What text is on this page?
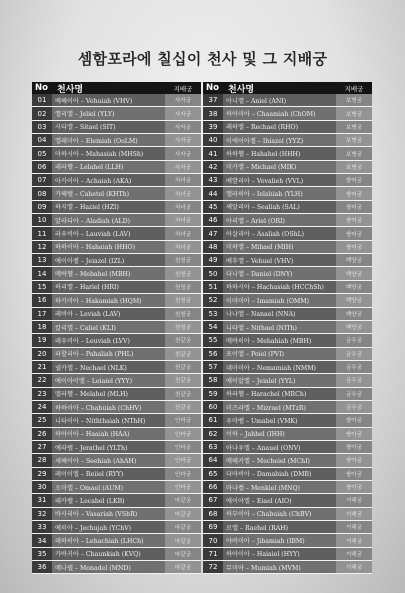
셈함포라에 칠십이 천사 및 그 지배궁
No	천사명	지배궁
01	베헤이아 – Vehuiah (VHV)	사자궁
02	옐리엘 – Jeliel (YLY)	사자궁
03	시타엘 – Sitael (SIT)	사자궁
04	엘레미아 – Elemiah (OoLM)	사자궁
05	마하시아 – Mahasiah (MHSh)	사자궁
06	레라헬 – Lelahel (LLH)	사자궁
07	아카이아 – Achaiah (AKA)	처녀궁
08	카헤텔 – Cahetel (KHTh)	처녀궁
09	하지엘 – Haziel (HZI)	처녀궁
10	알라디아 – Aladiah (ALD)	처녀궁
11	라우비아 – Lauviah (LAV)	처녀궁
12	하하이아 – Hahaiah (HHO)	처녀궁
13	예이아젤 – Jeiazel (IZL)	천칭궁
14	메바헬 – Mebahel (MBH)	천칭궁
15	하리엘 – Hariel (HRI)	천칭궁
16	하카미아 – Hakamiah (HQM)	천칭궁
17	레비아 – Leviah (LAV)	천칭궁
18	칼리엘 – Caliel (KLI)	천칭궁
19	레우비아 – Leuviah (LVV)	천갈궁
20	파할리아 – Pahaliah (PHL)	천갈궁
21	넬카엘 – Nechael (NLK)	천갈궁
22	예이아이엘 – Leiaiel (YYY)	천갈궁
23	멜라헬 – Melahel (MLH)	천갈궁
24	하하이아 – Chahuiah (ChHV)	천갈궁
25	니타이아 – Niththaiah (NThH)	인마궁
26	하아이아 – Haaiah (HAA)	인마궁
27	예라텔 – Jerathel (YLTh)	인마궁
28	세헤이아 – Seehiah (AhAH)	인마궁
29	레이이엘 – Reiiel (RYY)	인마궁
30	오마엘 – Omael (AUM)	인마궁
31	레카벨 – Lecabel (LKB)	마갈궁
32	바사리아 – Vasariah (VShR)	마갈궁
33	예히아 – Jechujah (YChV)	마갈궁
34	레하히아 – Lehachiah (LHCh)	마갈궁
35	카바키아 – Chaunkiah (KVQ)	마갈궁
36	메나델 – Monadel (MND)	마갈궁
No	천사명	지배궁
37	아니엘 – Aniel (ANI)	보병궁
38	하아미아 – Chaamiah (ChOM)	보병궁
39	레하엘 – Rechael (RHO)	보병궁
40	이에이아젤 – Ihiazel (YYZ)	보병궁
41	하하헬 – Hahahel (HHH)	보병궁
42	미카엘 – Michael (MIK)	보병궁
43	베발리아 – Vevalieh (VVL)	쌍어궁
44	옐라히아 – Ielahiah (YLH)	쌍어궁
45	셰알리아 – Sealiah (SAL)	쌍어궁
46	아리엘 – Ariel (ORI)	쌍어궁
47	아살리아 – Asaliah (OShL)	쌍어궁
48	미하엘 – Mihael (MIH)	쌍어궁
49	베후엘 – Vehuel (VHV)	백양궁
50	다니엘 – Daniel (DNY)	백양궁
51	하하시아 – Hachasiah (HCChSh)	백양궁
52	이마미아 – Imamiah (OMM)	백양궁
53	나나엘 – Nanael (NNA)	백양궁
54	니타엘 – Nithael (NITh)	백양궁
55	메바히아 – Mebahiah (MBH)	금우궁
56	포이엘 – Poiel (PVI)	금우궁
57	네마미아 – Nemamiah (NMM)	금우궁
58	예이알엘 – Jeialel (YYL)	금우궁
59	하라헬 – Harachel (MRCh)	금우궁
60	미즈라엘 – Mizrael (MTzR)	금우궁
61	우마벨 – Umabel (VMK)	쌍아궁
62	이하 – Jahhel (IHH)	쌍아궁
63	아나우엘 – Anauel (ONV)	쌍아궁
64	메헤키엘 – Mecheiel (MChI)	쌍아궁
65	다마비아 – Damabiah (DMB)	쌍아궁
66	마나켈 – Menkiel (MNQ)	쌍아궁
67	에이아엘 – Eiael (AIO)	거해궁
68	하부이아 – Chabuiah (ChBV)	거해궁
69	로엘 – Raehel (RAH)	거해궁
70	야바미아 – Jibamiah (IBM)	거해궁
71	하아이아 – Haiaiel (HYY)	거해궁
72	무미아 – Mumiah (MVM)	거해궁
